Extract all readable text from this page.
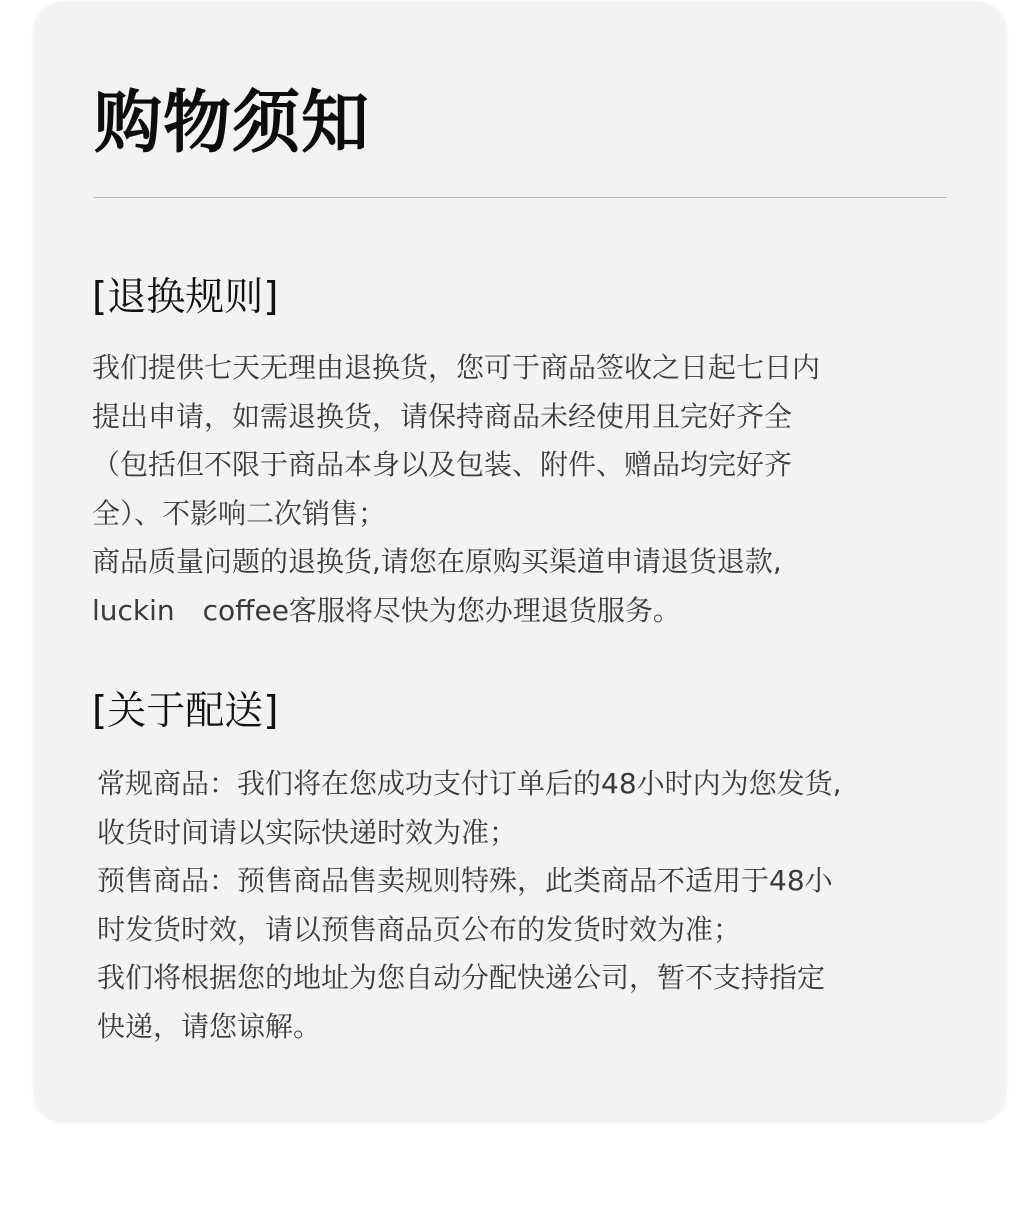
购物须知
[退换规则]
我们提供七天无理由退换货，您可于商品签收之日起七日内
提出申请，如需退换货，请保持商品未经使用且完好齐全
（包括但不限于商品本身以及包装、附件、赠品均完好齐
全）、不影响二次销售；
商品质量问题的退换货,请您在原购买渠道申请退货退款,
luckin　coffee客服将尽快为您办理退货服务。
[关于配送]
常规商品：我们将在您成功支付订单后的48小时内为您发货,
收货时间请以实际快递时效为准；
预售商品：预售商品售卖规则特殊，此类商品不适用于48小
时发货时效，请以预售商品页公布的发货时效为准；
我们将根据您的地址为您自动分配快递公司，暂不支持指定
快递，请您谅解。
